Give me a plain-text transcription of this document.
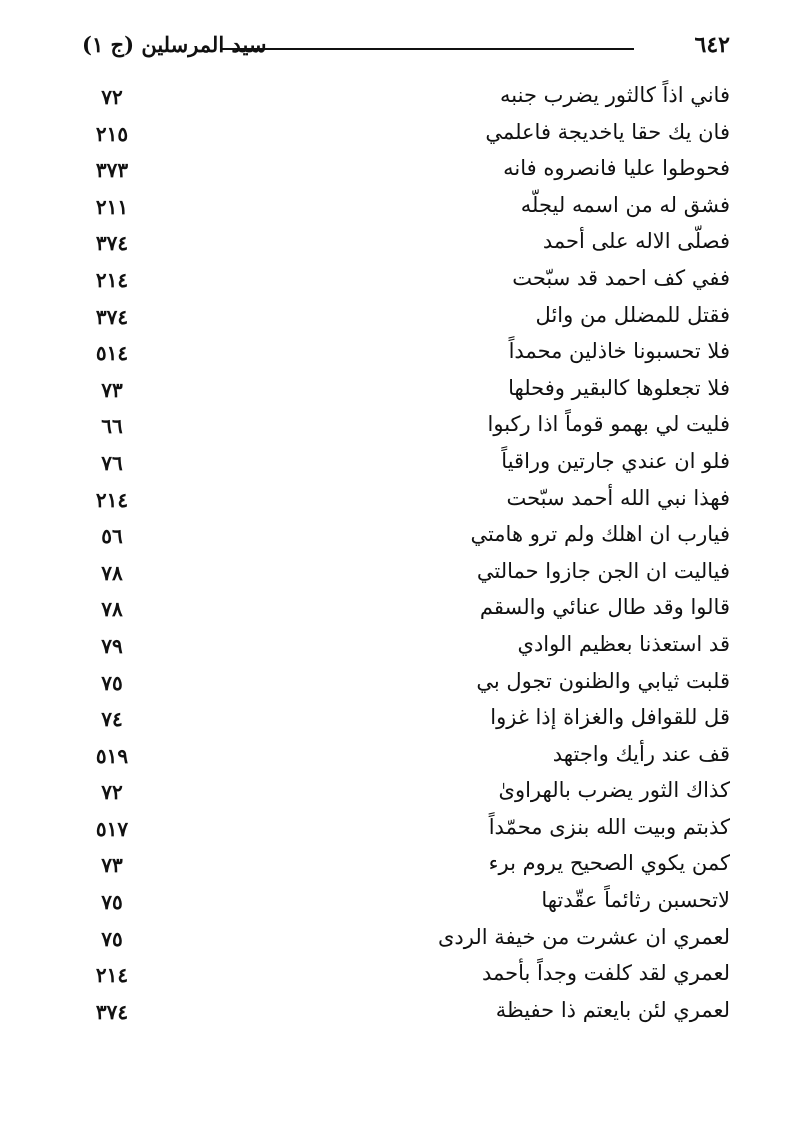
٦٤٢
سيد المرسلين (ج ١)
فاني اذاً كالثور يضرب جنبه
٧٢
فان يك حقا ياخديجة فاعلمي
٢١٥
فحوطوا عليا فانصروه فانه
٣٧٣
فشق له من اسمه ليجلّه
٢١١
فصلّى الاله على أحمد
٣٧٤
ففي كف احمد قد سبّحت
٢١٤
فقتل للمضلل من وائل
٣٧٤
فلا تحسبونا خاذلين محمداً
٥١٤
فلا تجعلوها كالبقير وفحلها
٧٣
فليت لي بهمو قوماً اذا ركبوا
٦٦
فلو ان عندي جارتين وراقياً
٧٦
فهذا نبي الله أحمد سبّحت
٢١٤
فيارب ان اهلك ولم ترو هامتي
٥٦
فياليت ان الجن جازوا حمالتي
٧٨
قالوا وقد طال عنائي والسقم
٧٨
قد استعذنا بعظيم الوادي
٧٩
قلبت ثيابي والظنون تجول بي
٧٥
قل للقوافل والغزاة إذا غزوا
٧٤
قف عند رأيك واجتهد
٥١٩
كذاك الثور يضرب بالهراوىٰ
٧٢
كذبتم وبيت الله بنزى محمّداً
٥١٧
كمن يكوي الصحيح يروم برء
٧٣
لاتحسبن رثائماً عقّدتها
٧٥
لعمري ان عشرت من خيفة الردى
٧٥
لعمري لقد كلفت وجداً بأحمد
٢١٤
لعمري لئن بايعتم ذا حفيظة
٣٧٤
